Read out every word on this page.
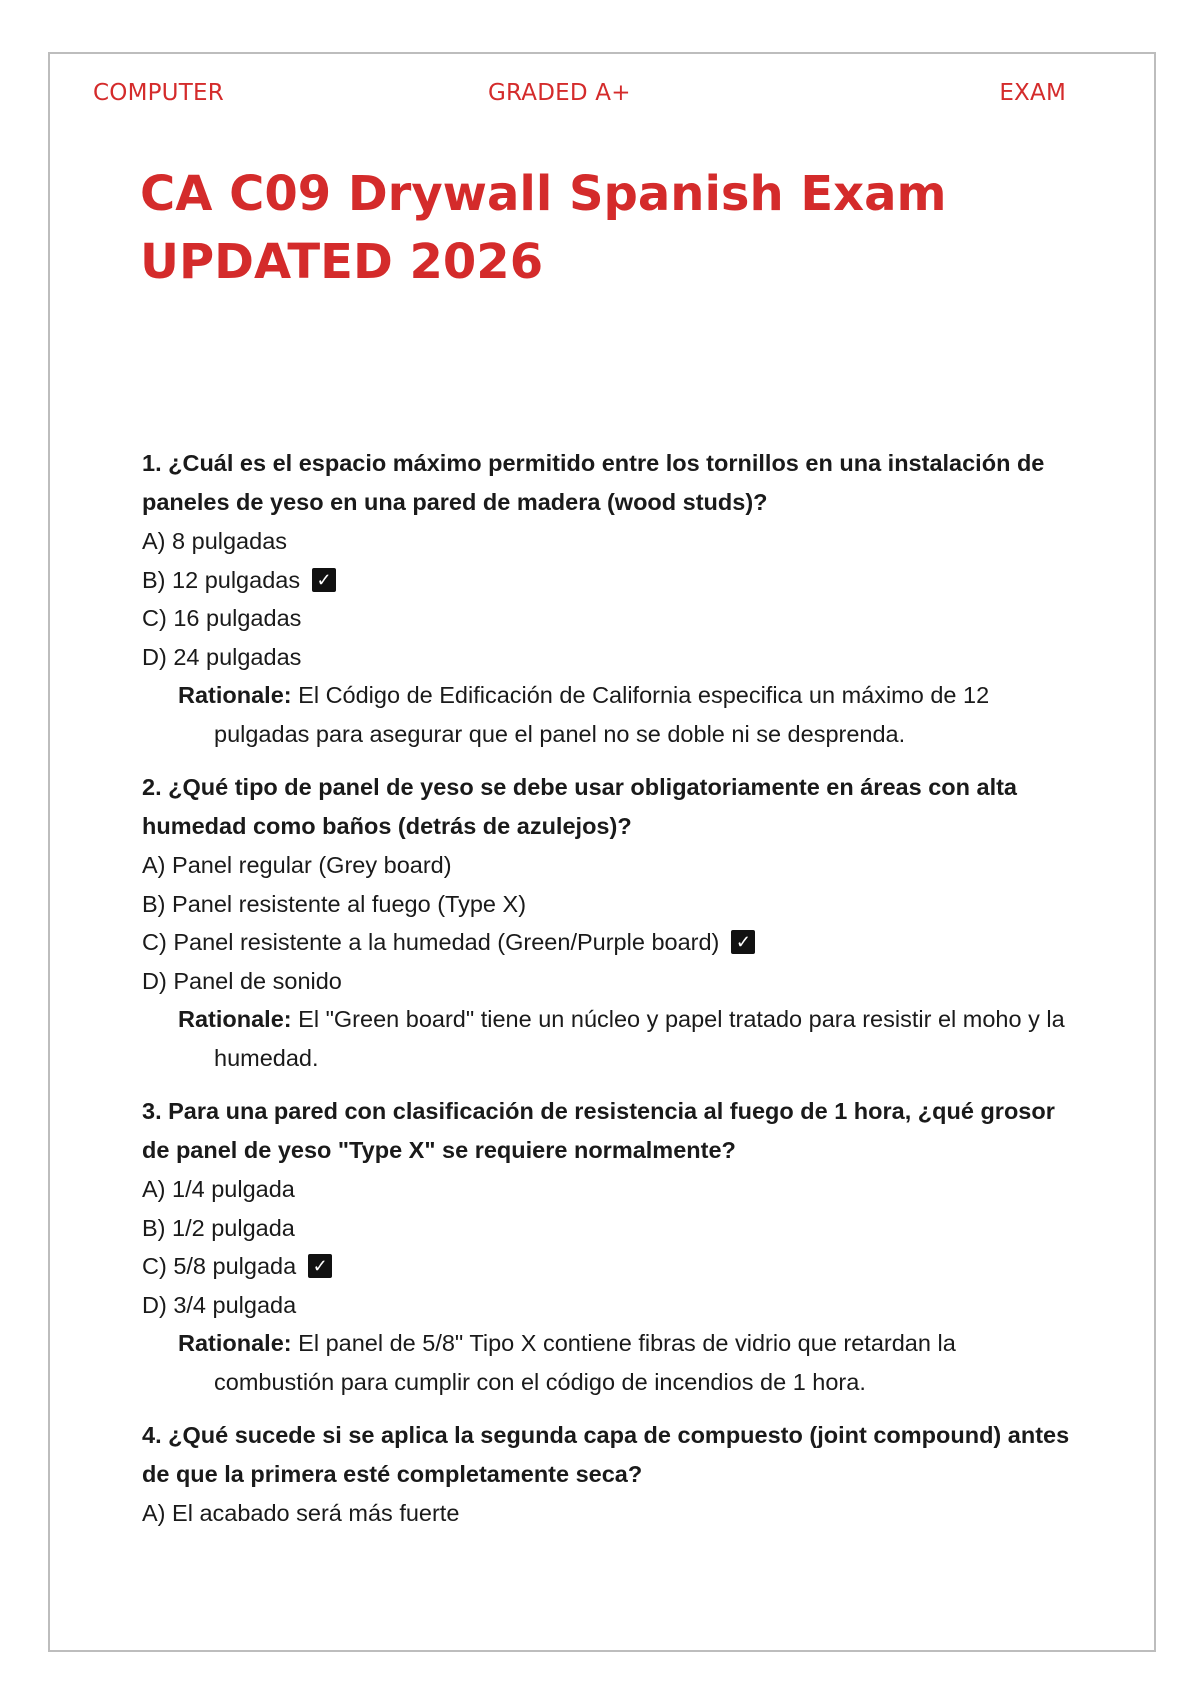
COMPUTER	GRADED A+	EXAM
CA C09 Drywall Spanish Exam UPDATED 2026

1. ¿Cuál es el espacio máximo permitido entre los tornillos en una instalación de paneles de yeso en una pared de madera (wood studs)?

A) 8 pulgadas

B) 12 pulgadas ✓

C) 16 pulgadas

D) 24 pulgadas

Rationale: El Código de Edificación de California especifica un máximo de 12 pulgadas para asegurar que el panel no se doble ni se desprenda.

2. ¿Qué tipo de panel de yeso se debe usar obligatoriamente en áreas con alta humedad como baños (detrás de azulejos)?

A) Panel regular (Grey board)

B) Panel resistente al fuego (Type X)

C) Panel resistente a la humedad (Green/Purple board) ✓

D) Panel de sonido

Rationale: El "Green board" tiene un núcleo y papel tratado para resistir el moho y la humedad.

3. Para una pared con clasificación de resistencia al fuego de 1 hora, ¿qué grosor de panel de yeso "Type X" se requiere normalmente?

A) 1/4 pulgada

B) 1/2 pulgada

C) 5/8 pulgada ✓

D) 3/4 pulgada

Rationale: El panel de 5/8" Tipo X contiene fibras de vidrio que retardan la combustión para cumplir con el código de incendios de 1 hora.

4. ¿Qué sucede si se aplica la segunda capa de compuesto (joint compound) antes de que la primera esté completamente seca?

A) El acabado será más fuerte
